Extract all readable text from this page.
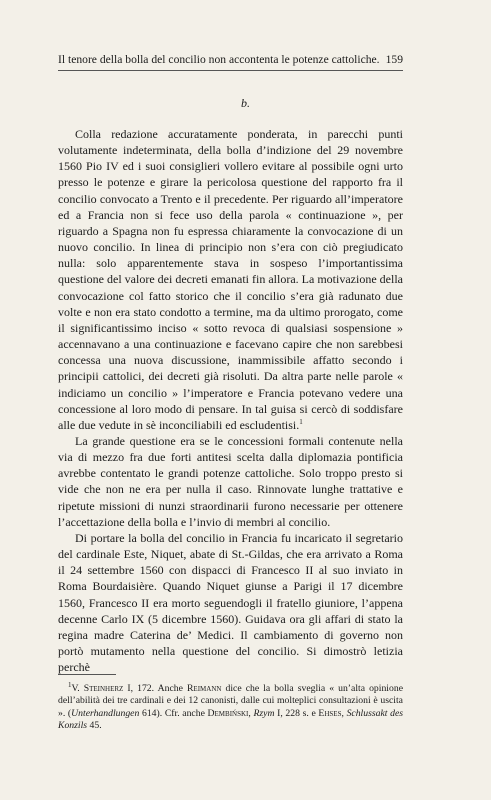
Il tenore della bolla del concilio non accontenta le potenze cattoliche. 159
b.

Colla redazione accuratamente ponderata, in parecchi punti volutamente indeterminata, della bolla d’indizione del 29 novembre 1560 Pio IV ed i suoi consiglieri vollero evitare al possibile ogni urto presso le potenze e girare la pericolosa questione del rapporto fra il concilio convocato a Trento e il precedente. Per riguardo all’imperatore ed a Francia non si fece uso della parola « continuazione », per riguardo a Spagna non fu espressa chiaramente la convocazione di un nuovo concilio. In linea di principio non s’era con ciò pregiudicato nulla: solo apparentemente stava in sospeso l’importantissima questione del valore dei decreti emanati fin allora. La motivazione della convocazione col fatto storico che il concilio s’era già radunato due volte e non era stato condotto a termine, ma da ultimo prorogato, come il significantissimo inciso « sotto revoca di qualsiasi sospensione » accennavano a una continuazione e facevano capire che non sarebbesi concessa una nuova discussione, inammissibile affatto secondo i principii cattolici, dei decreti già risoluti. Da altra parte nelle parole « indiciamo un concilio » l’imperatore e Francia potevano vedere una concessione al loro modo di pensare. In tal guisa si cercò di soddisfare alle due vedute in sè inconciliabili ed escludentisi.$^1$

La grande questione era se le concessioni formali contenute nella via di mezzo fra due forti antitesi scelta dalla diplomazia pontificia avrebbe contentato le grandi potenze cattoliche. Solo troppo presto si vide che non ne era per nulla il caso. Rinnovate lunghe trattative e ripetute missioni di nunzi straordinarii furono necessarie per ottenere l’accettazione della bolla e l’invio di membri al concilio.

Di portare la bolla del concilio in Francia fu incaricato il segretario del cardinale Este, Niquet, abate di St.-Gildas, che era arrivato a Roma il 24 settembre 1560 con dispacci di Francesco II al suo inviato in Roma Bourdaisière. Quando Niquet giunse a Parigi il 17 dicembre 1560, Francesco II era morto seguendogli il fratello giuniore, l’appena decenne Carlo IX (5 dicembre 1560). Guidava ora gli affari di stato la regina madre Caterina de’ Medici. Il cambiamento di governo non portò mutamento nella questione del concilio. Si dimostrò letizia perchè

$^1$V. Steinherz I, 172. Anche Reimann dice che la bolla sveglia « un’alta opinione dell’abilità dei tre cardinali e dei 12 canonisti, dalle cui molteplici consultazioni è uscita ». (Unterhandlungen 614). Cfr. anche Dembiński, Rzym I, 228 s. e Ehses, Schlussakt des Konzils 45.
